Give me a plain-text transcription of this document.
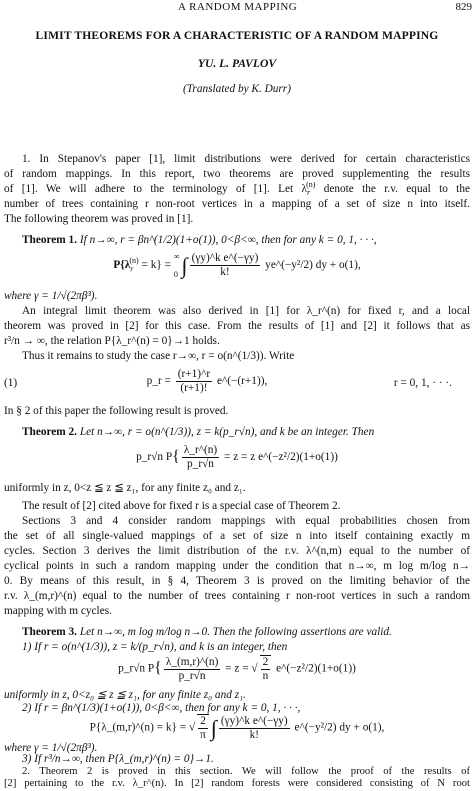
A RANDOM MAPPING	829
LIMIT THEOREMS FOR A CHARACTERISTIC OF A RANDOM MAPPING
YU. L. PAVLOV
(Translated by K. Durr)
1. In Stepanov's paper [1], limit distributions were derived for certain characteristics
of random mappings. In this report, two theorems are proved supplementing the results
of [1]. We will adhere to the terminology of [1]. Let $\lambda_r^{(n)}$ denote the r.v. equal to the
number of trees containing r non-root vertices in a mapping of a set of size n into itself.
The following theorem was proved in [1].
Theorem 1. If n→∞, r = βn^(1/2)(1+o(1)), 0<β<∞, then for any k = 0, 1, · · ·,
$P\{\lambda_r^{(n)} = k\}$ = ∞

0 ∫ $\frac{\text{(γy)\textasciicircum{}k e\textasciicircum{}(−γy)}}{k!}$ ye^(−y²/2) dy + o(1),
where γ = 1/√(2πβ³).
An integral limit theorem was also derived in [1] for λ_r^(n) for fixed r, and a local
theorem was proved in [2] for this case. From the results of [1] and [2] it follows that as
r³/n → ∞, the relation P{λ_r^(n) = 0}→1 holds.
Thus it remains to study the case r→∞, r = o(n^(1/3)). Write
(1)	p_r = $\frac{(r+1)\^{}r}{(r+1)!}$ e^(−(r+1)),	r = 0, 1, · · ·.
In § 2 of this paper the following result is proved.
Theorem 2. Let n→∞, r = o(n^(1/3)), z = k(p_r√n), and k be an integer. Then
p_r√n $P\{ \frac{\lambda\_r\^{}(n)}{p\_r√n} = z = z$ e^(−z²/2)(1+o(1))
uniformly in z, 0<z ≦ z ≦ z₁, for any finite z₀ and z₁.
The result of [2] cited above for fixed r is a special case of Theorem 2.
Sections 3 and 4 consider random mappings with equal probabilities chosen from
the set of all single-valued mappings of a set of size n into itself containing exactly m
cycles. Section 3 derives the limit distribution of the r.v. λ^(n,m) equal to the number of
cyclical points in such a random mapping under the condition that n→∞, m log m/log n→
0. By means of this result, in § 4, Theorem 3 is proved on the limiting behavior of the
r.v. λ_(m,r)^(n) equal to the number of trees containing r non-root vertices in such a random
mapping with m cycles.
Theorem 3. Let n→∞, m log m/log n→0. Then the following assertions are valid.
1) If r = o(n^(1/3)), z = k/(p_r√n), and k is an integer, then
p_r√n $P\{ \frac{\lambda\_(m,r)\^{}(n)}{p\_r√n} = z$ = √ $\frac{2}{n}$ e^(−z²/2)(1+o(1))
uniformly in z, 0<z₀ ≦ z ≦ z₁, for any finite z₀ and z₁.
2) If r = βn^(1/3)(1+o(1)), 0<β<∞, then for any k = 0, 1, · · ·,
P{λ_(m,r)^(n) = k} = √ $\frac{2}{\pi}$ ∫ $\frac{\text{(γy)\textasciicircum{}k e\textasciicircum{}(−γy)}}{k!}$ e^(−y²/2) dy + o(1),
where γ = 1/√(2πβ³).
3) If r³/n→∞, then P{λ_(m,r)^(n) = 0}→1.
2. Theorem 2 is proved in this section. We will follow the proof of the results of
[2] pertaining to the r.v. λ_r^(n). In [2] random forests were considered consisting of N root
